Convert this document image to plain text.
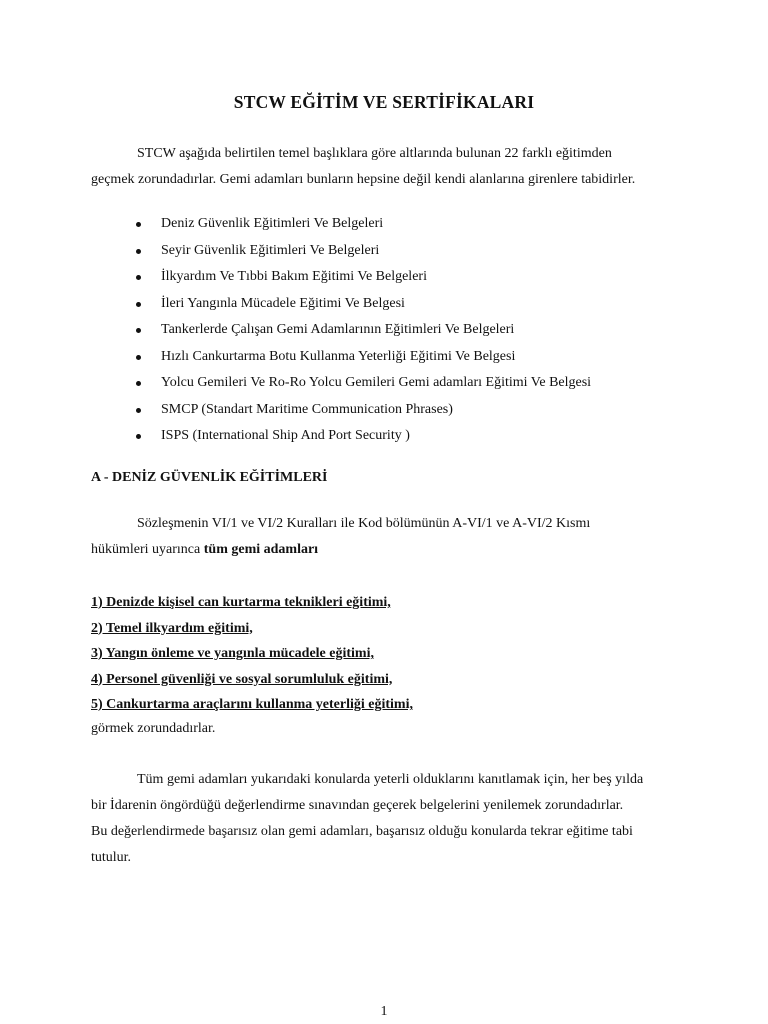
STCW EĞİTİM VE SERTİFİKALARI
STCW aşağıda belirtilen temel başlıklara göre altlarında bulunan 22 farklı eğitimden
geçmek zorundadırlar. Gemi adamları bunların hepsine değil kendi alanlarına girenlere tabidirler.
Deniz Güvenlik Eğitimleri Ve Belgeleri
Seyir Güvenlik Eğitimleri Ve Belgeleri
İlkyardım Ve Tıbbi Bakım Eğitimi Ve Belgeleri
İleri Yangınla Mücadele Eğitimi Ve Belgesi
Tankerlerde Çalışan Gemi Adamlarının Eğitimleri Ve Belgeleri
Hızlı Cankurtarma Botu Kullanma Yeterliği Eğitimi Ve Belgesi
Yolcu Gemileri Ve Ro-Ro Yolcu Gemileri Gemi adamları Eğitimi Ve Belgesi
SMCP (Standart Maritime Communication Phrases)
ISPS (International Ship And Port Security )
A - DENİZ GÜVENLİK EĞİTİMLERİ
Sözleşmenin VI/1 ve VI/2 Kuralları ile Kod bölümünün A-VI/1 ve A-VI/2 Kısmı
hükümleri uyarınca tüm gemi adamları
1) Denizde kişisel can kurtarma teknikleri eğitimi,
2) Temel ilkyardım eğitimi,
3) Yangın önleme ve yangınla mücadele eğitimi,
4) Personel güvenliği ve sosyal sorumluluk eğitimi,
5) Cankurtarma araçlarını kullanma yeterliği eğitimi,
görmek zorundadırlar.
Tüm gemi adamları yukarıdaki konularda yeterli olduklarını kanıtlamak için, her beş yılda
bir İdarenin öngördüğü değerlendirme sınavından geçerek belgelerini yenilemek zorundadırlar.
Bu değerlendirmede başarısız olan gemi adamları, başarısız olduğu konularda tekrar eğitime tabi
tutulur.
1
